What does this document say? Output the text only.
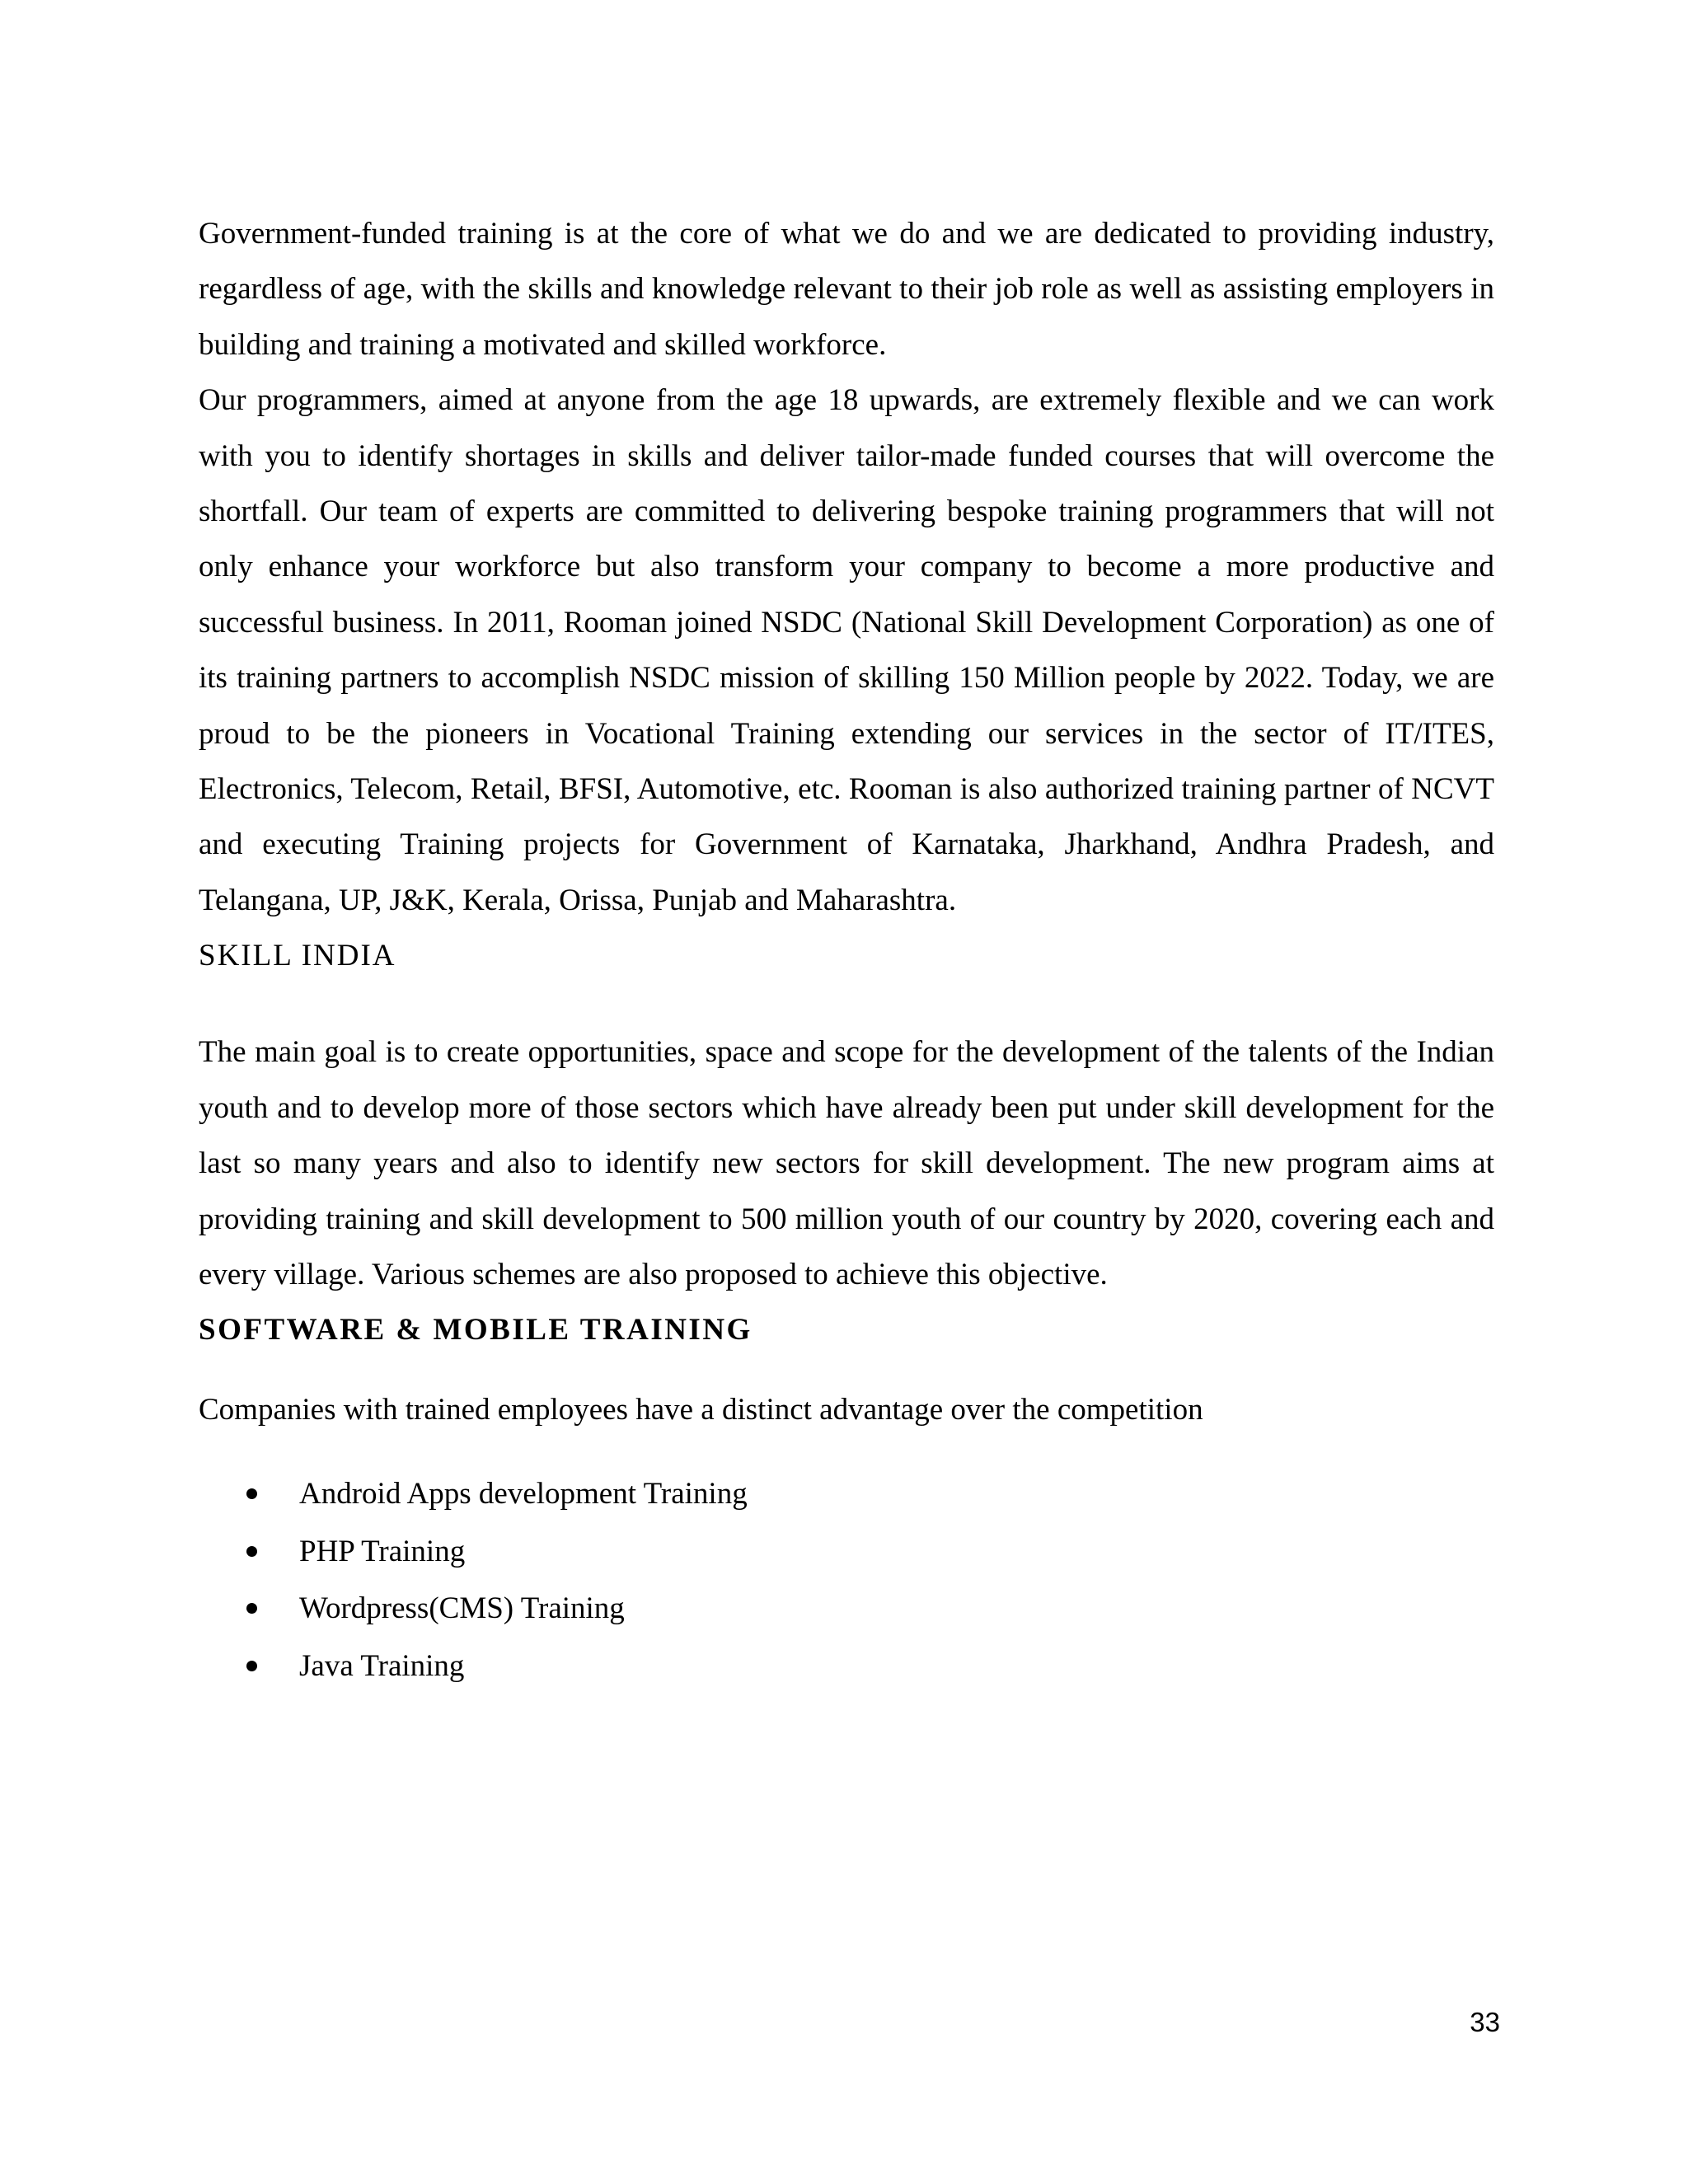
Government-funded training is at the core of what we do and we are dedicated to providing industry, regardless of age, with the skills and knowledge relevant to their job role as well as assisting employers in building and training a motivated and skilled workforce.

Our programmers, aimed at anyone from the age 18 upwards, are extremely flexible and we can work with you to identify shortages in skills and deliver tailor-made funded courses that will overcome the shortfall. Our team of experts are committed to delivering bespoke training programmers that will not only enhance your workforce but also transform your company to become a more productive and successful business. In 2011, Rooman joined NSDC (National Skill Development Corporation) as one of its training partners to accomplish NSDC mission of skilling 150 Million people by 2022. Today, we are proud to be the pioneers in Vocational Training extending our services in the sector of IT/ITES, Electronics, Telecom, Retail, BFSI, Automotive, etc. Rooman is also authorized training partner of NCVT and executing Training projects for Government of Karnataka, Jharkhand, Andhra Pradesh, and Telangana, UP, J&K, Kerala, Orissa, Punjab and Maharashtra.

SKILL INDIA

The main goal is to create opportunities, space and scope for the development of the talents of the Indian youth and to develop more of those sectors which have already been put under skill development for the last so many years and also to identify new sectors for skill development. The new program aims at providing training and skill development to 500 million youth of our country by 2020, covering each and every village. Various schemes are also proposed to achieve this objective.

SOFTWARE & MOBILE TRAINING

Companies with trained employees have a distinct advantage over the competition

Android Apps development Training
PHP Training
Wordpress(CMS) Training
Java Training
33
